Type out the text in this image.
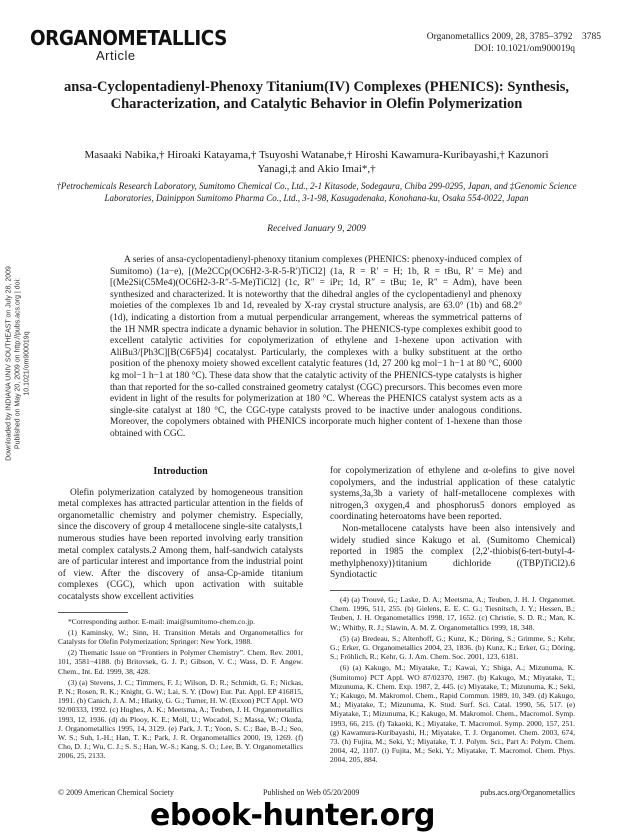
ORGANOMETALLICS
Article
Organometallics 2009, 28, 3785–3792 3785
DOI: 10.1021/om900019q
ansa-Cyclopentadienyl-Phenoxy Titanium(IV) Complexes (PHENICS): Synthesis, Characterization, and Catalytic Behavior in Olefin Polymerization
Masaaki Nabika,† Hiroaki Katayama,† Tsuyoshi Watanabe,† Hiroshi Kawamura-Kuribayashi,† Kazunori Yanagi,‡ and Akio Imai*,†
†Petrochemicals Research Laboratory, Sumitomo Chemical Co., Ltd., 2-1 Kitasode, Sodegaura, Chiba 299-0295, Japan, and ‡Genomic Science Laboratories, Dainippon Sumitomo Pharma Co., Ltd., 3-1-98, Kasugadenaka, Konohana-ku, Osaka 554-0022, Japan
Received January 9, 2009

A series of ansa-cyclopentadienyl-phenoxy titanium complexes (PHENICS: phenoxy-induced complex of Sumitomo) (1a−e), [(Me2CCp(OC6H2-3-R-5-R′)TiCl2] (1a, R = R′ = H; 1b, R = tBu, R′ = Me) and [(Me2Si(C5Me4)(OC6H2-3-R″-5-Me)TiCl2] (1c, R″ = iPr; 1d, R″ = tBu; 1e, R″ = Adm), have been synthesized and characterized. It is noteworthy that the dihedral angles of the cyclopentadienyl and phenoxy moieties of the complexes 1b and 1d, revealed by X-ray crystal structure analysis, are 63.0° (1b) and 68.2° (1d), indicating a distortion from a mutual perpendicular arrangement, whereas the symmetrical patterns of the 1H NMR spectra indicate a dynamic behavior in solution. The PHENICS-type complexes exhibit good to excellent catalytic activities for copolymerization of ethylene and 1-hexene upon activation with AliBu3/[Ph3C][B(C6F5)4] cocatalyst. Particularly, the complexes with a bulky substituent at the ortho position of the phenoxy moiety showed excellent catalytic features (1d, 27 200 kg mol−1 h−1 at 80 °C, 6000 kg mol−1 h−1 at 180 °C). These data show that the catalytic activity of the PHENICS-type catalysts is higher than that reported for the so-called constrained geometry catalyst (CGC) precursors. This becomes even more evident in light of the results for polymerization at 180 °C. Whereas the PHENICS catalyst system acts as a single-site catalyst at 180 °C, the CGC-type catalysts proved to be inactive under analogous conditions. Moreover, the copolymers obtained with PHENICS incorporate much higher content of 1-hexene than those obtained with CGC.

Downloaded by INDIANA UNIV SOUTHEAST on July 28, 2009 Published on May 20, 2009 on http://pubs.acs.org | doi: 10.1021/om900019q
Introduction

Olefin polymerization catalyzed by homogeneous transition metal complexes has attracted particular attention in the fields of organometallic chemistry and polymer chemistry. Especially, since the discovery of group 4 metallocene single-site catalysts,1 numerous studies have been reported involving early transition metal complex catalysts.2 Among them, half-sandwich catalysts are of particular interest and importance from the industrial point of view. After the discovery of ansa-Cp-amide titanium complexes (CGC), which upon activation with suitable cocatalysts show excellent activities

*Corresponding author. E-mail: imai@sumitomo-chem.co.jp.

(1) Kaminsky, W.; Sinn, H. Transition Metals and Organometallics for Catalysts for Olefin Polymerization; Springer: New York, 1988.

(2) Thematic Issue on “Frontiers in Polymer Chemistry”. Chem. Rev. 2001, 101, 3581−4188. (b) Britovsek, G. J. P.; Gibson, V. C.; Wass, D. F. Angew. Chem., Int. Ed. 1999, 38, 428.

(3) (a) Stevens, J. C.; Timmers, F. J.; Wilson, D. R.; Schmidt, G. F.; Nickas, P. N.; Rosen, R. K.; Knight, G. W.; Lai, S. Y. (Dow) Eur. Pat. Appl. EP 416815, 1991. (b) Canich, J. A. M.; Hlatky, G. G.; Turner, H. W. (Exxon) PCT Appl. WO 92/00333, 1992. (c) Hughes, A. K.; Meetsma, A.; Teuben, J. H. Organometallics 1993, 12, 1936. (d) du Plooy, K. E.; Moll, U.; Wocadol, S.; Massa, W.; Okuda, J. Organometallics 1995, 14, 3129. (e) Park, J. T.; Yoon, S. C.; Bae, B.-J.; Seo, W. S.; Suh, I.-H.; Han, T. K.; Park, J. R. Organometallics 2000, 19, 1269. (f) Cho, D. J.; Wu, C. J.; S. S.; Han, W.-S.; Kang, S. O.; Lee, B. Y. Organometallics 2006, 25, 2133.

for copolymerization of ethylene and α-olefins to give novel copolymers, and the industrial application of these catalytic systems,3a,3b a variety of half-metallocene complexes with nitrogen,3 oxygen,4 and phosphorus5 donors employed as coordinating heteroatoms have been reported.

Non-metallocene catalysts have been also intensively and widely studied since Kakugo et al. (Sumitomo Chemical) reported in 1985 the complex {2,2′-thiobis(6-tert-butyl-4-methylphenoxy)}titanium dichloride ((TBP)TiCl2).6 Syndiotactic

(4) (a) Trouvé, G.; Laske, D. A.; Meetsma, A.; Teuben, J. H. J. Organomet. Chem. 1996, 511, 255. (b) Gielens, E. E. C. G.; Tiesnitsch, J. Y.; Hessen, B.; Teuben, J. H. Organometallics 1998, 17, 1652. (c) Christie, S. D. R.; Man, K. W.; Whitby, R. J.; Slawin, A. M. Z. Organometallics 1999, 18, 348.

(5) (a) Bredeau, S.; Altenhoff, G.; Kunz, K.; Döring, S.; Grimme, S.; Kehr, G.; Erker, G. Organometallics 2004, 23, 1836. (b) Kunz, K.; Erker, G.; Döring, S.; Fröhlich, R.; Kehr, G. J. Am. Chem. Soc. 2001, 123, 6181.

(6) (a) Kakugo, M.; Miyatake, T.; Kawai, Y.; Shiga, A.; Mizunuma, K. (Sumitomo) PCT Appl. WO 87/02370, 1987. (b) Kakugo, M.; Miyatake, T.; Mizunuma, K. Chem. Exp. 1987, 2, 445. (c) Miyatake, T.; Mizunuma, K.; Seki, Y.; Kakugo, M. Makromol. Chem., Rapid Commun. 1989, 10, 349. (d) Kakugo, M.; Miyatake, T.; Mizunuma, K. Stud. Surf. Sci. Catal. 1990, 56, 517. (e) Miyatake, T.; Mizunuma, K.; Kakugo, M. Makromol. Chem., Macromol. Symp. 1993, 66, 215. (f) Takaoki, K.; Miyatake, T. Macromol. Symp. 2000, 157, 251. (g) Kawamura-Kuribayashi, H.; Miyatake, T. J. Organomet. Chem. 2003, 674, 73. (h) Fujita, M.; Seki, Y.; Miyatake, T. J. Polym. Sci., Part A: Polym. Chem. 2004, 42, 1107. (i) Fujita, M.; Seki, Y.; Miyatake, T. Macromol. Chem. Phys. 2004, 205, 884.

© 2009 American Chemical Society	Published on Web 05/20/2009	pubs.acs.org/Organometallics
ebook-hunter.org
